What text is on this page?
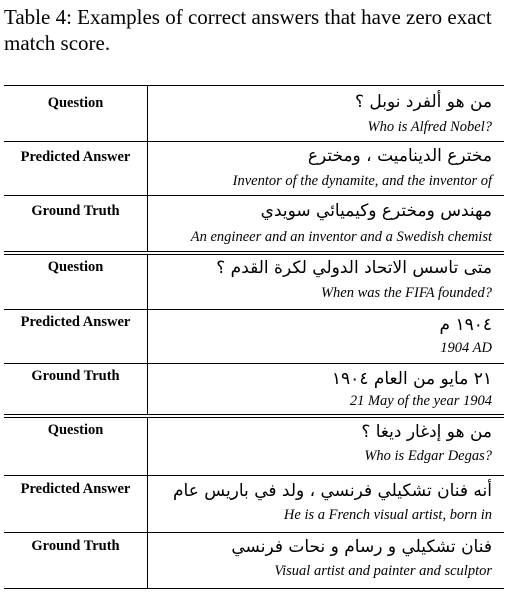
Table 4: Examples of correct answers that have zero exact match score.
Question	من هو ألفرد نوبل ؟
Who is Alfred Nobel?
Predicted Answer	مخترع الديناميت ، ومخترع
Inventor of the dynamite, and the inventor of
Ground Truth	مهندس ومخترع وكيميائي سويدي
An engineer and an inventor and a Swedish chemist
Question	متى تاسس الاتحاد الدولي لكرة القدم ؟
When was the FIFA founded?
Predicted Answer	١٩٠٤ م
1904 AD
Ground Truth	٢١ مايو من العام ١٩٠٤
21 May of the year 1904
Question	من هو إدغار ديغا ؟
Who is Edgar Degas?
Predicted Answer	أنه فنان تشكيلي فرنسي ، ولد في باريس عام
He is a French visual artist, born in
Ground Truth	فنان تشكيلي و رسام و نحات فرنسي
Visual artist and painter and sculptor
